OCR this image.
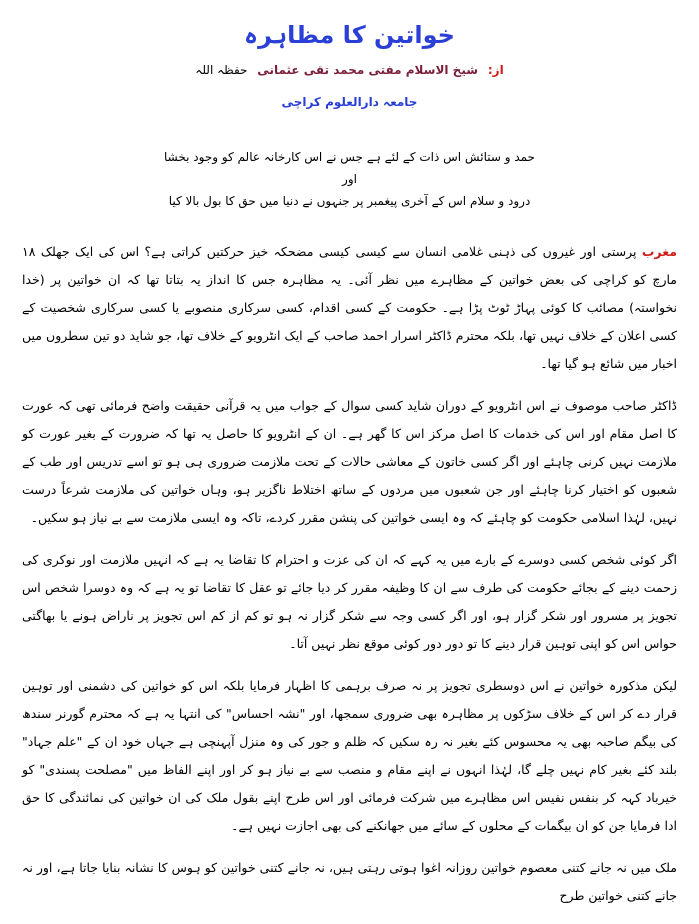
خواتین کا مظاہرہ
از: شیخ الاسلام مفتی محمد تقی عثمانی حفظہ اللہ
جامعہ دارالعلوم کراچی
حمد و ستائش اس ذات کے لئے ہے جس نے اس کارخانہ عالم کو وجود بخشا
اور
درود و سلام اس کے آخری پیغمبر پر جنہوں نے دنیا میں حق کا بول بالا کیا

مغرب پرستی اور غیروں کی ذہنی غلامی انسان سے کیسی کیسی مضحکہ خیز حرکتیں کراتی ہے؟ اس کی ایک جھلک ۱۸ مارچ کو کراچی کی بعض خواتین کے مظاہرے میں نظر آئی۔ یہ مظاہرہ جس کا انداز یہ بتاتا تھا کہ ان خواتین پر (خدا نخواستہ) مصائب کا کوئی پہاڑ ٹوٹ پڑا ہے۔ حکومت کے کسی اقدام، کسی سرکاری منصوبے یا کسی سرکاری شخصیت کے کسی اعلان کے خلاف نہیں تھا، بلکہ محترم ڈاکٹر اسرار احمد صاحب کے ایک انٹرویو کے خلاف تھا، جو شاید دو تین سطروں میں اخبار میں شائع ہو گیا تھا۔

ڈاکٹر صاحب موصوف نے اس انٹرویو کے دوران شاید کسی سوال کے جواب میں یہ قرآنی حقیقت واضح فرمائی تھی کہ عورت کا اصل مقام اور اس کی خدمات کا اصل مرکز اس کا گھر ہے۔ ان کے انٹرویو کا حاصل یہ تھا کہ ضرورت کے بغیر عورت کو ملازمت نہیں کرنی چاہئے اور اگر کسی خاتون کے معاشی حالات کے تحت ملازمت ضروری ہی ہو تو اسے تدریس اور طب کے شعبوں کو اختیار کرنا چاہئے اور جن شعبوں میں مردوں کے ساتھ اختلاط ناگزیر ہو، وہاں خواتین کی ملازمت شرعاً درست نہیں، لہٰذا اسلامی حکومت کو چاہئے کہ وہ ایسی خواتین کی پنشن مقرر کردے، تاکہ وہ ایسی ملازمت سے بے نیاز ہو سکیں۔

اگر کوئی شخص کسی دوسرے کے بارے میں یہ کہے کہ ان کی عزت و احترام کا تقاضا یہ ہے کہ انہیں ملازمت اور نوکری کی زحمت دینے کے بجائے حکومت کی طرف سے ان کا وظیفہ مقرر کر دیا جائے تو عقل کا تقاضا تو یہ ہے کہ وہ دوسرا شخص اس تجویز پر مسرور اور شکر گزار ہو، اور اگر کسی وجہ سے شکر گزار نہ ہو تو کم از کم اس تجویز پر ناراض ہونے یا بھاگتی حواس اس کو اپنی توہین قرار دینے کا تو دور دور کوئی موقع نظر نہیں آتا۔

لیکن مذکورہ خواتین نے اس دوسطری تجویز پر نہ صرف برہمی کا اظہار فرمایا بلکہ اس کو خواتین کی دشمنی اور توہین قرار دے کر اس کے خلاف سڑکوں پر مظاہرہ بھی ضروری سمجھا، اور "نشہ احساس" کی انتہا یہ ہے کہ محترم گورنر سندھ کی بیگم صاحبہ بھی یہ محسوس کئے بغیر نہ رہ سکیں کہ ظلم و جور کی وہ منزل آپہنچی ہے جہاں خود ان کے "علم جہاد" بلند کئے بغیر کام نہیں چلے گا، لہٰذا انہوں نے اپنے مقام و منصب سے بے نیاز ہو کر اور اپنے الفاظ میں "مصلحت پسندی" کو خیرباد کہہ کر بنفس نفیس اس مظاہرے میں شرکت فرمائی اور اس طرح اپنے بقول ملک کی ان خواتین کی نمائندگی کا حق ادا فرمایا جن کو ان بیگمات کے محلوں کے سائے میں جھانکنے کی بھی اجازت نہیں ہے۔

ملک میں نہ جانے کتنی معصوم خواتین روزانہ اغوا ہوتی رہتی ہیں، نہ جانے کتنی خواتین کو ہوس کا نشانہ بنایا جاتا ہے، اور نہ جانے کتنی خواتین طرح
